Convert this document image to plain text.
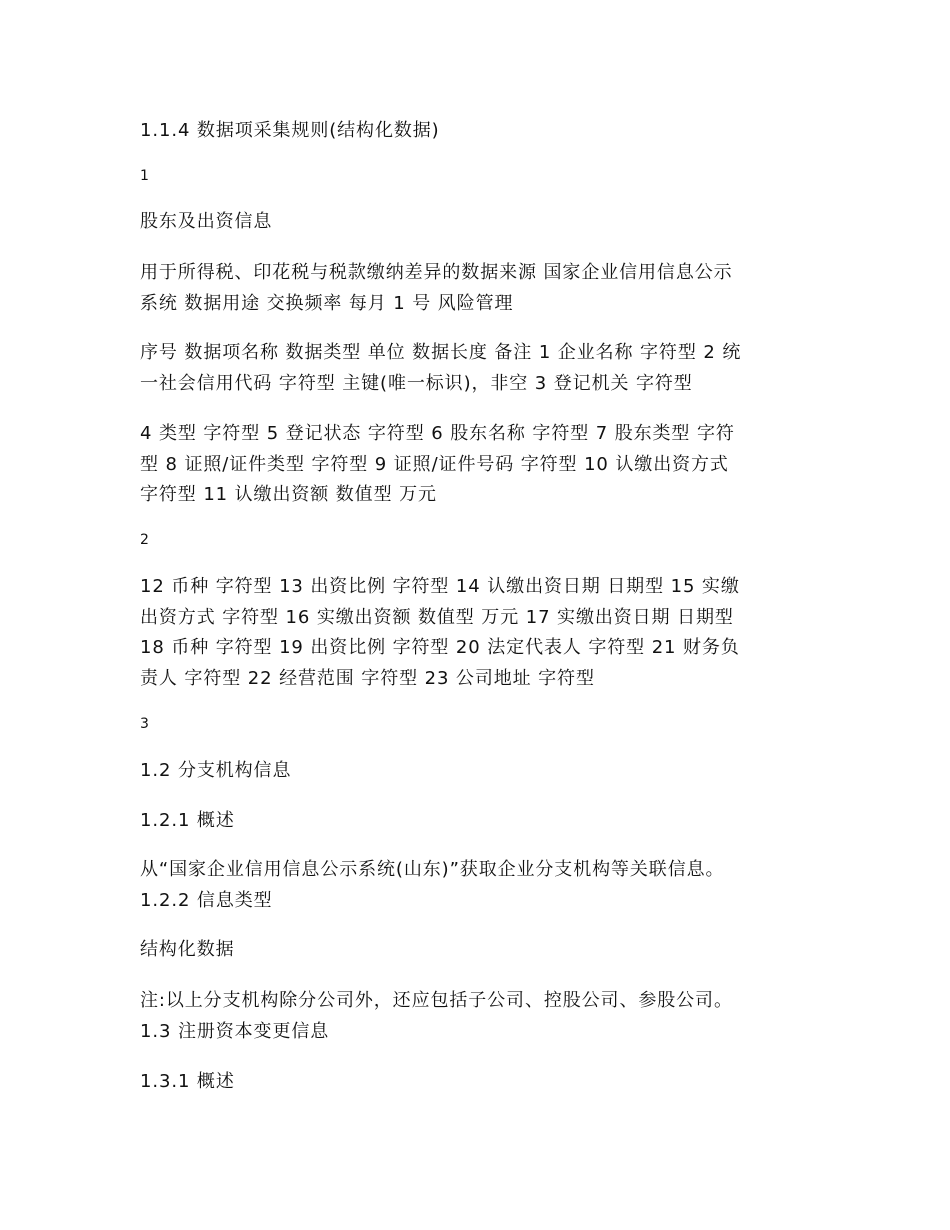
1.1.4 数据项采集规则(结构化数据)
1
股东及出资信息
用于所得税、印花税与税款缴纳差异的数据来源 国家企业信用信息公示
系统 数据用途 交换频率 每月 1 号 风险管理
序号 数据项名称 数据类型 单位 数据长度 备注 1 企业名称 字符型 2 统
一社会信用代码 字符型 主键(唯一标识)，非空 3 登记机关 字符型
4 类型 字符型 5 登记状态 字符型 6 股东名称 字符型 7 股东类型 字符
型 8 证照/证件类型 字符型 9 证照/证件号码 字符型 10 认缴出资方式
字符型 11 认缴出资额 数值型 万元
2
12 币种 字符型 13 出资比例 字符型 14 认缴出资日期 日期型 15 实缴
出资方式 字符型 16 实缴出资额 数值型 万元 17 实缴出资日期 日期型
18 币种 字符型 19 出资比例 字符型 20 法定代表人 字符型 21 财务负
责人 字符型 22 经营范围 字符型 23 公司地址 字符型
3
1.2 分支机构信息
1.2.1 概述
从“国家企业信用信息公示系统(山东)”获取企业分支机构等关联信息。
1.2.2 信息类型
结构化数据
注:以上分支机构除分公司外，还应包括子公司、控股公司、参股公司。
1.3 注册资本变更信息
1.3.1 概述
